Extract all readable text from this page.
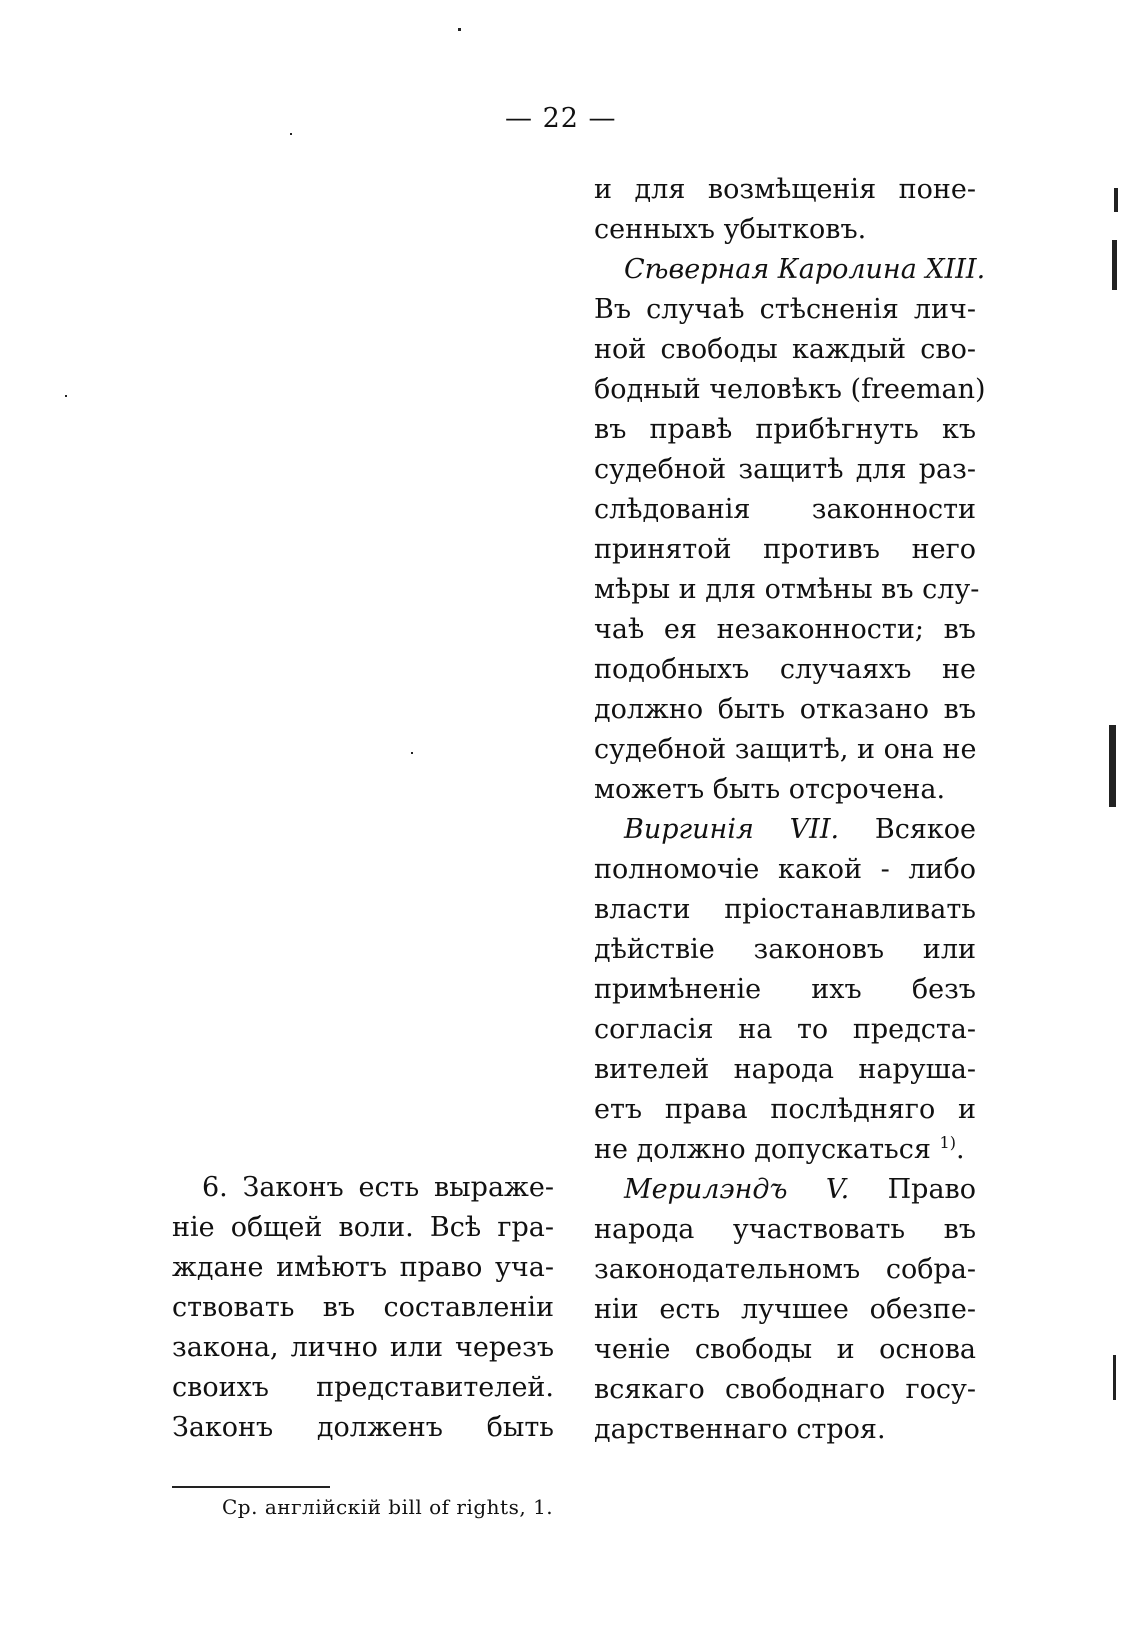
— 22 —
и для возмѣщенія поне-
сенныхъ убытковъ.
Сѣверная Каролина XIII.
Въ случаѣ стѣсненія лич-
ной свободы каждый сво-
бодный человѣкъ (freeman)
въ правѣ прибѣгнуть къ
судебной защитѣ для раз-
слѣдованія законности
принятой противъ него
мѣры и для отмѣны въ слу-
чаѣ ея незаконности; въ
подобныхъ случаяхъ не
должно быть отказано въ
судебной защитѣ, и она не
можетъ быть отсрочена.
Виргинія VII. Всякое
полномочіе какой - либо
власти пріостанавливать
дѣйствіе законовъ или
примѣненіе ихъ безъ
согласія на то предста-
вителей народа наруша-
етъ права послѣдняго и
не должно допускаться $^{1)}$.
Мерилэндъ V. Право
народа участвовать въ
законодательномъ собра-
ніи есть лучшее обезпе-
ченіе свободы и основа
всякаго свободнаго госу-
дарственнаго строя.
6. Законъ есть выраже-
ніе общей воли. Всѣ гра-
ждане имѣютъ право уча-
ствовать въ составленіи
закона, лично или черезъ
своихъ представителей.
Законъ долженъ быть
Ср. англійскій bill of rights, 1.
